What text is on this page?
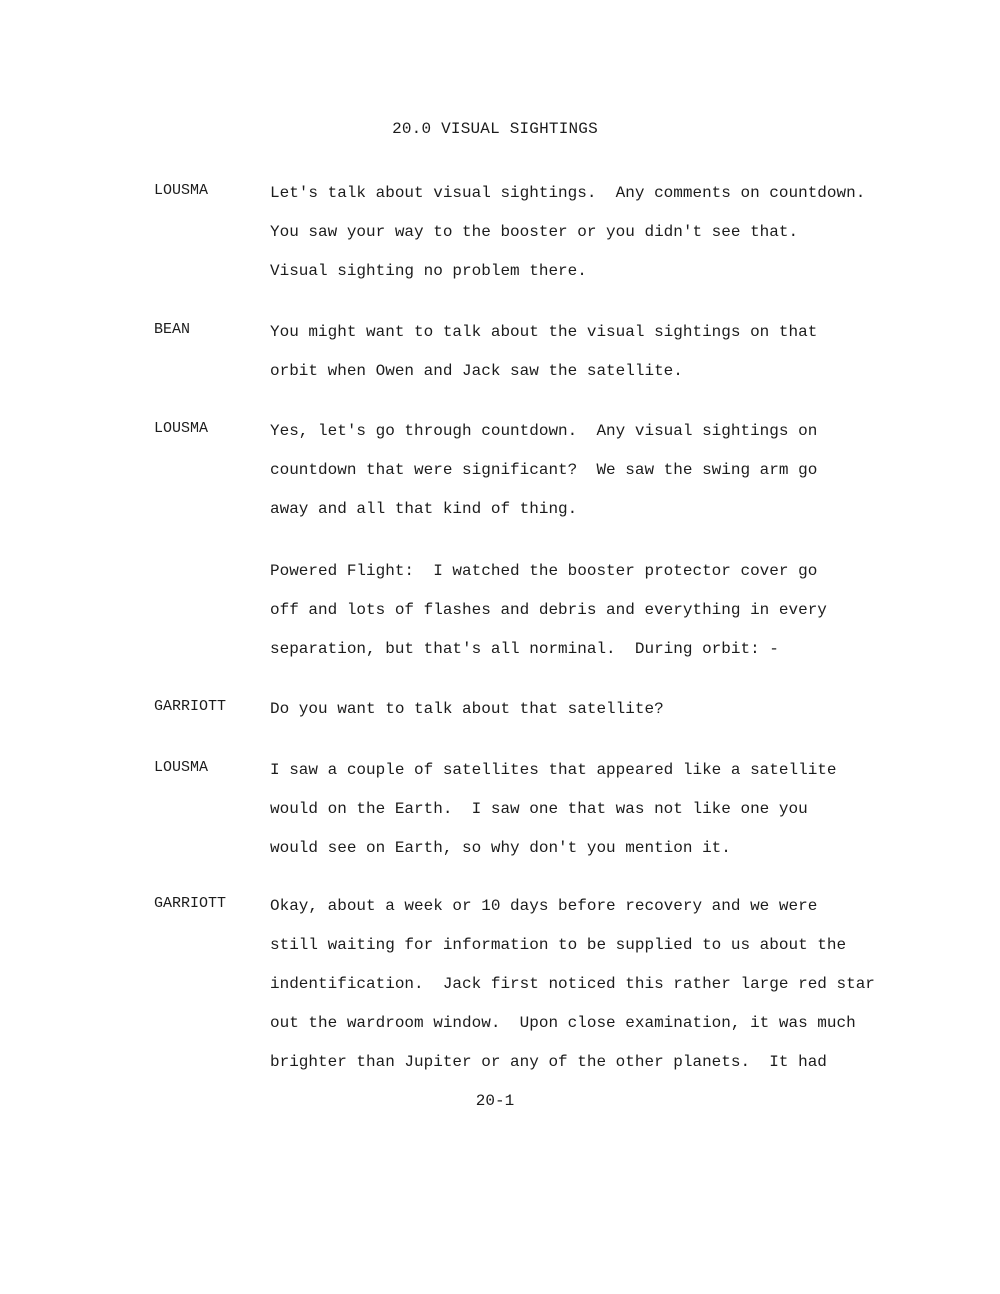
20.0 VISUAL SIGHTINGS
LOUSMA	Let's talk about visual sightings.  Any comments on countdown.
You saw your way to the booster or you didn't see that.
Visual sighting no problem there.
BEAN	You might want to talk about the visual sightings on that
orbit when Owen and Jack saw the satellite.
LOUSMA	Yes, let's go through countdown.  Any visual sightings on
countdown that were significant?  We saw the swing arm go
away and all that kind of thing.
Powered Flight:  I watched the booster protector cover go
off and lots of flashes and debris and everything in every
separation, but that's all norminal.  During orbit: -
GARRIOTT	Do you want to talk about that satellite?
LOUSMA	I saw a couple of satellites that appeared like a satellite
would on the Earth.  I saw one that was not like one you
would see on Earth, so why don't you mention it.
GARRIOTT	Okay, about a week or 10 days before recovery and we were
still waiting for information to be supplied to us about the
indentification.  Jack first noticed this rather large red star
out the wardroom window.  Upon close examination, it was much
brighter than Jupiter or any of the other planets.  It had
20-1
